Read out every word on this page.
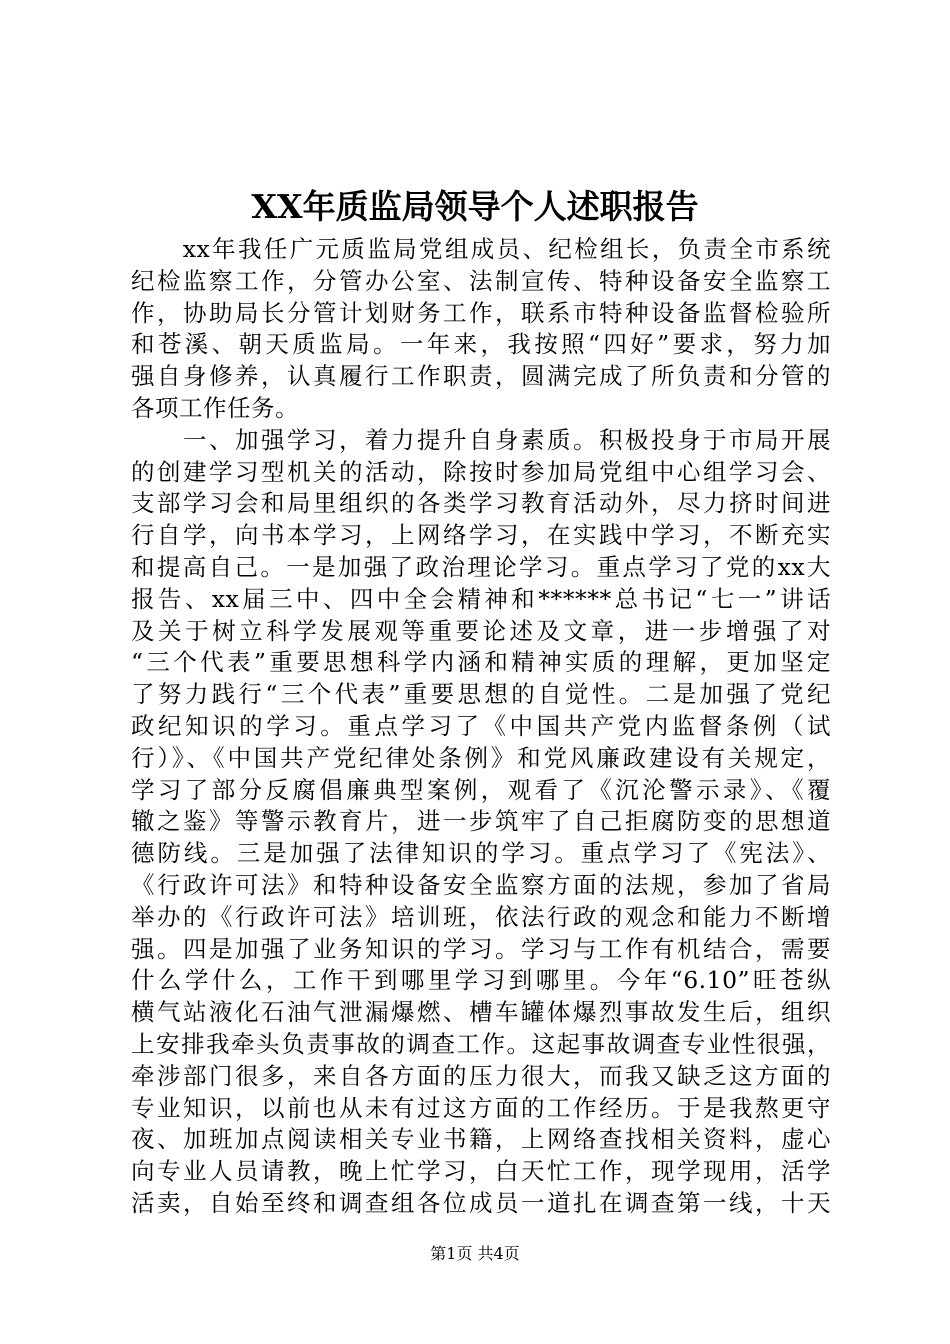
XX年质监局领导个人述职报告
　　xx年我任广元质监局党组成员、纪检组长，负责全市系统
纪检监察工作，分管办公室、法制宣传、特种设备安全监察工
作，协助局长分管计划财务工作，联系市特种设备监督检验所
和苍溪、朝天质监局。一年来，我按照“四好”要求，努力加
强自身修养，认真履行工作职责，圆满完成了所负责和分管的
各项工作任务。
　　一、加强学习，着力提升自身素质。积极投身于市局开展
的创建学习型机关的活动，除按时参加局党组中心组学习会、
支部学习会和局里组织的各类学习教育活动外，尽力挤时间进
行自学，向书本学习，上网络学习，在实践中学习，不断充实
和提高自己。一是加强了政治理论学习。重点学习了党的xx大
报告、xx届三中、四中全会精神和******总书记“七一”讲话
及关于树立科学发展观等重要论述及文章，进一步增强了对
“三个代表”重要思想科学内涵和精神实质的理解，更加坚定
了努力践行“三个代表”重要思想的自觉性。二是加强了党纪
政纪知识的学习。重点学习了《中国共产党内监督条例（试
行）》、《中国共产党纪律处条例》和党风廉政建设有关规定，
学习了部分反腐倡廉典型案例，观看了《沉沦警示录》、《覆
辙之鉴》等警示教育片，进一步筑牢了自己拒腐防变的思想道
德防线。三是加强了法律知识的学习。重点学习了《宪法》、
《行政许可法》和特种设备安全监察方面的法规，参加了省局
举办的《行政许可法》培训班，依法行政的观念和能力不断增
强。四是加强了业务知识的学习。学习与工作有机结合，需要
什么学什么，工作干到哪里学习到哪里。今年“6.10”旺苍纵
横气站液化石油气泄漏爆燃、槽车罐体爆烈事故发生后，组织
上安排我牵头负责事故的调查工作。这起事故调查专业性很强，
牵涉部门很多，来自各方面的压力很大，而我又缺乏这方面的
专业知识，以前也从未有过这方面的工作经历。于是我熬更守
夜、加班加点阅读相关专业书籍，上网络查找相关资料，虚心
向专业人员请教，晚上忙学习，白天忙工作，现学现用，活学
活卖，自始至终和调查组各位成员一道扎在调查第一线，十天
第1页 共4页
